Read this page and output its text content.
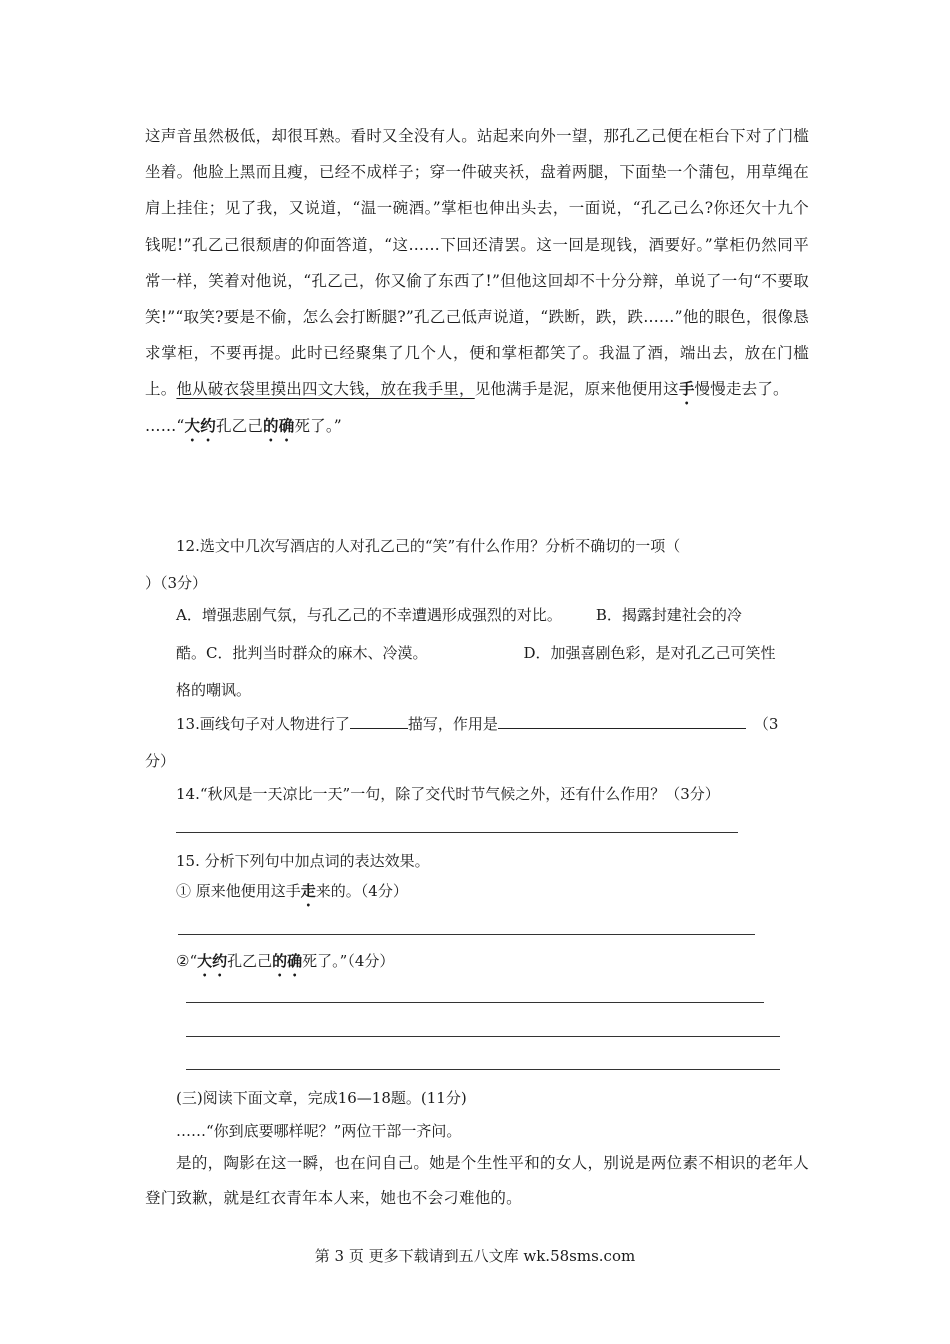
这声音虽然极低，却很耳熟。看时又全没有人。站起来向外一望，那孔乙己便在柜台下对了门槛坐着。他脸上黑而且瘦，已经不成样子；穿一件破夹袄，盘着两腿，下面垫一个蒲包，用草绳在肩上挂住；见了我，又说道，“温一碗酒。”掌柜也伸出头去，一面说，“孔乙己么?你还欠十九个钱呢!”孔乙己很颓唐的仰面答道，“这……下回还清罢。这一回是现钱，酒要好。”掌柜仍然同平常一样，笑着对他说，“孔乙己，你又偷了东西了!”但他这回却不十分分辩，单说了一句“不要取笑!”“取笑?要是不偷，怎么会打断腿?”孔乙己低声说道，“跌断，跌，跌……”他的眼色，很像恳求掌柜，不要再提。此时已经聚集了几个人，便和掌柜都笑了。我温了酒，端出去，放在门槛上。他从破衣袋里摸出四文大钱，放在我手里，见他满手是泥，原来他便用这手慢慢走去了。

……“大约孔乙己的确死了。”

12.选文中几次写酒店的人对孔乙己的“笑”有什么作用？分析不确切的一项（
）（3分）
A．增强悲剧气氛，与孔乙己的不幸遭遇形成强烈的对比。 B．揭露封建社会的冷
酷。C．批判当时群众的麻木、冷漠。	D．加强喜剧色彩，是对孔乙己可笑性
格的嘲讽。
13.画线句子对人物进行了	描写，作用是	（3
分）
14.“秋风是一天凉比一天”一句，除了交代时节气候之外，还有什么作用？（3分）
15. 分析下列句中加点词的表达效果。
① 原来他便用这手走来的。（4分）
②“大约孔乙己的确死了。”（4分）
(三)阅读下面文章，完成16—18题。(11分)
……“你到底要哪样呢？”两位干部一齐问。

是的，陶影在这一瞬，也在问自己。她是个生性平和的女人，别说是两位素不相识的老年人登门致歉，就是红衣青年本人来，她也不会刁难他的。

第 3 页 更多下载请到五八文库 wk.58sms.com
